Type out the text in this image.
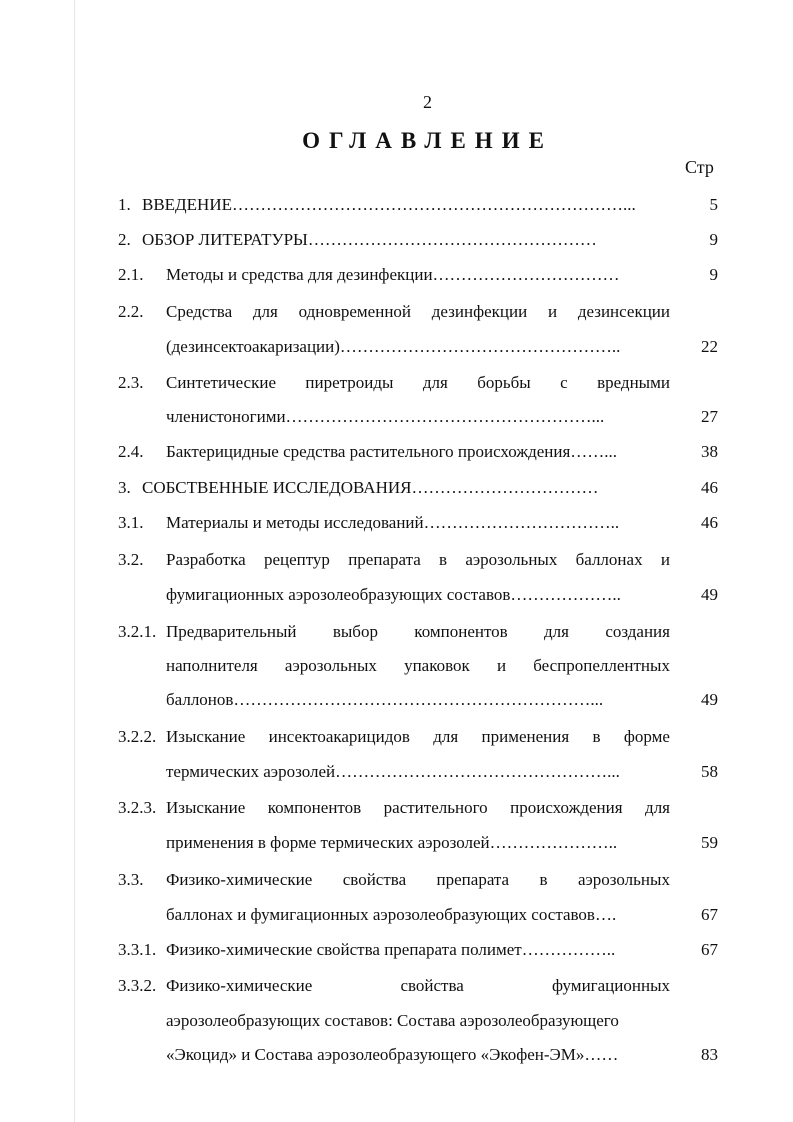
2
ОГЛАВЛЕНИЕ
Стр
1. ВВЕДЕНИЕ……………………………………………………………...	5
2. ОБЗОР ЛИТЕРАТУРЫ……………………………………………	9
2.1. Методы и средства для дезинфекции……………………………	9
2.2. Средства для одновременной дезинфекции и дезинсекции
(дезинсектоакаризации)…………………………………………..	22
2.3. Синтетические пиретроиды для борьбы с вредными
членистоногими………………………………………………...	27
2.4. Бактерицидные средства растительного происхождения……...	38
3. СОБСТВЕННЫЕ ИССЛЕДОВАНИЯ……………………………	46
3.1. Материалы и методы исследований……………………………..	46
3.2. Разработка рецептур препарата в аэрозольных баллонах и
фумигационных аэрозолеобразующих составов………………..	49
3.2.1. Предварительный выбор компонентов для создания
наполнителя аэрозольных упаковок и беспропеллентных
баллонов………………………………………………………...	49
3.2.2. Изыскание инсектоакарицидов для применения в форме
термических аэрозолей…………………………………………...	58
3.2.3. Изыскание компонентов растительного происхождения для
применения в форме термических аэрозолей…………………..	59
3.3. Физико-химические свойства препарата в аэрозольных
баллонах и фумигационных аэрозолеобразующих составов….	67
3.3.1. Физико-химические свойства препарата полимет……………..	67
3.3.2. Физико-химические	свойства	фумигационных
аэрозолеобразующих составов: Состава аэрозолеобразующего
«Экоцид» и Состава аэрозолеобразующего «Экофен-ЭМ»……	83
